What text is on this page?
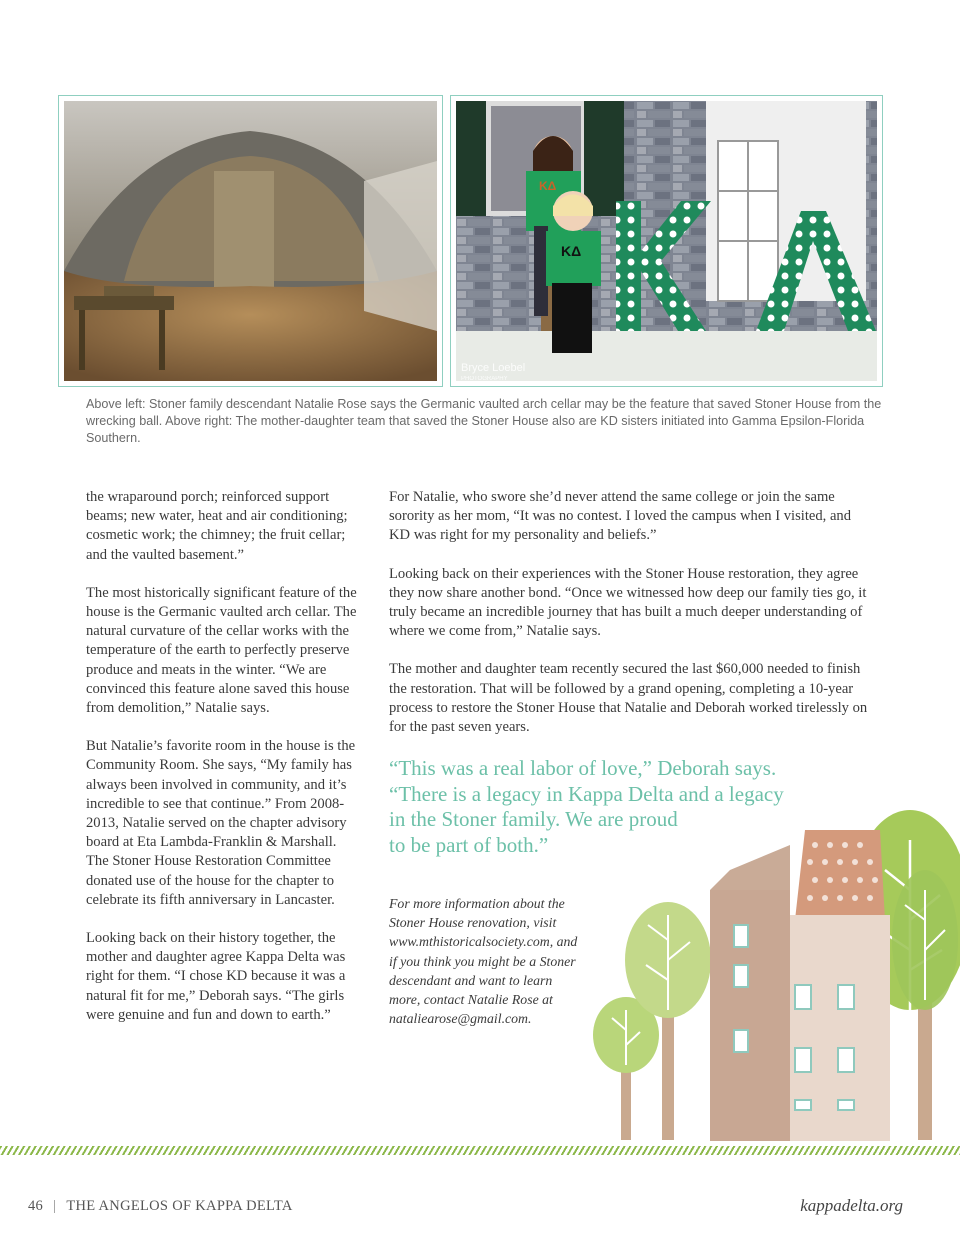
KΔ
KΔ
Bryce Loebel
PHOTOGRAPHY

Above left: Stoner family descendant Natalie Rose says the Germanic vaulted arch cellar may be the feature that saved Stoner House from the wrecking ball. Above right: The mother-daughter team that saved the Stoner House also are KD sisters initiated into Gamma Epsilon-Florida Southern.

the wraparound porch; reinforced support beams; new water, heat and air conditioning; cosmetic work; the chimney; the fruit cellar; and the vaulted basement.”

The most historically significant feature of the house is the Germanic vaulted arch cellar. The natural curvature of the cellar works with the temperature of the earth to perfectly preserve produce and meats in the winter. “We are convinced this feature alone saved this house from demolition,” Natalie says.

But Natalie’s favorite room in the house is the Community Room. She says, “My family has always been involved in community, and it’s incredible to see that continue.” From 2008-2013, Natalie served on the chapter advisory board at Eta Lambda-Franklin & Marshall. The Stoner House Restoration Committee donated use of the house for the chapter to celebrate its fifth anniversary in Lancaster.

Looking back on their history together, the mother and daughter agree Kappa Delta was right for them. “I chose KD because it was a natural fit for me,” Deborah says. “The girls were genuine and fun and down to earth.”

For Natalie, who swore she’d never attend the same college or join the same sorority as her mom, “It was no contest. I loved the campus when I visited, and KD was right for my personality and beliefs.”

Looking back on their experiences with the Stoner House restoration, they agree they now share another bond. “Once we witnessed how deep our family ties go, it truly became an incredible journey that has built a much deeper understanding of where we come from,” Natalie says.

The mother and daughter team recently secured the last $60,000 needed to finish the restoration. That will be followed by a grand opening, completing a 10-year process to restore the Stoner House that Natalie and Deborah worked tirelessly on for the past seven years.

“This was a real labor of love,” Deborah says.
“There is a legacy in Kappa Delta and a legacy
in the Stoner family. We are proud
to be part of both.”

For more information about the
Stoner House renovation, visit
www.mthistoricalsociety.com, and
if you think you might be a Stoner
descendant and want to learn
more, contact Natalie Rose at
nataliearose@gmail.com.

46 | THE ANGELOS OF KAPPA DELTA	kappadelta.org
